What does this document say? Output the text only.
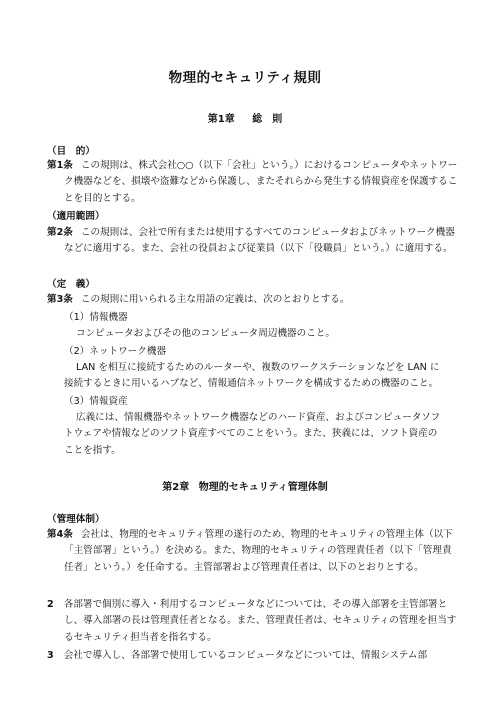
物理的セキュリティ規則
第1章 総　則

（目　的）

第1条 この規則は、株式会社○○（以下「会社」という。）におけるコンピュータやネットワーク機器などを、損壊や盗難などから保護し、またそれらから発生する情報資産を保護することを目的とする。

（適用範囲）

第2条 この規則は、会社で所有または使用するすべてのコンピュータおよびネットワーク機器などに適用する。また、会社の役員および従業員（以下「役職員」という。）に適用する。

（定　義）

第3条 この規則に用いられる主な用語の定義は、次のとおりとする。

（1）情報機器

コンピュータおよびその他のコンピュータ周辺機器のこと。

（2）ネットワーク機器

LAN を相互に接続するためのルーターや、複数のワークステーションなどを LAN に接続するときに用いるハブなど、情報通信ネットワークを構成するための機器のこと。

（3）情報資産

広義には、情報機器やネットワーク機器などのハード資産、およびコンピュータソフトウェアや情報などのソフト資産すべてのことをいう。また、狭義には、ソフト資産のことを指す。

第2章 物理的セキュリティ管理体制

（管理体制）

第4条 会社は、物理的セキュリティ管理の遂行のため、物理的セキュリティの管理主体（以下「主管部署」という。）を決める。また、物理的セキュリティの管理責任者（以下「管理責任者」という。）を任命する。主管部署および管理責任者は、以下のとおりとする。

2 各部署で個別に導入・利用するコンピュータなどについては、その導入部署を主管部署とし、導入部署の長は管理責任者となる。また、管理責任者は、セキュリティの管理を担当するセキュリティ担当者を指名する。

3 会社で導入し、各部署で使用しているコンピュータなどについては、情報システム部
